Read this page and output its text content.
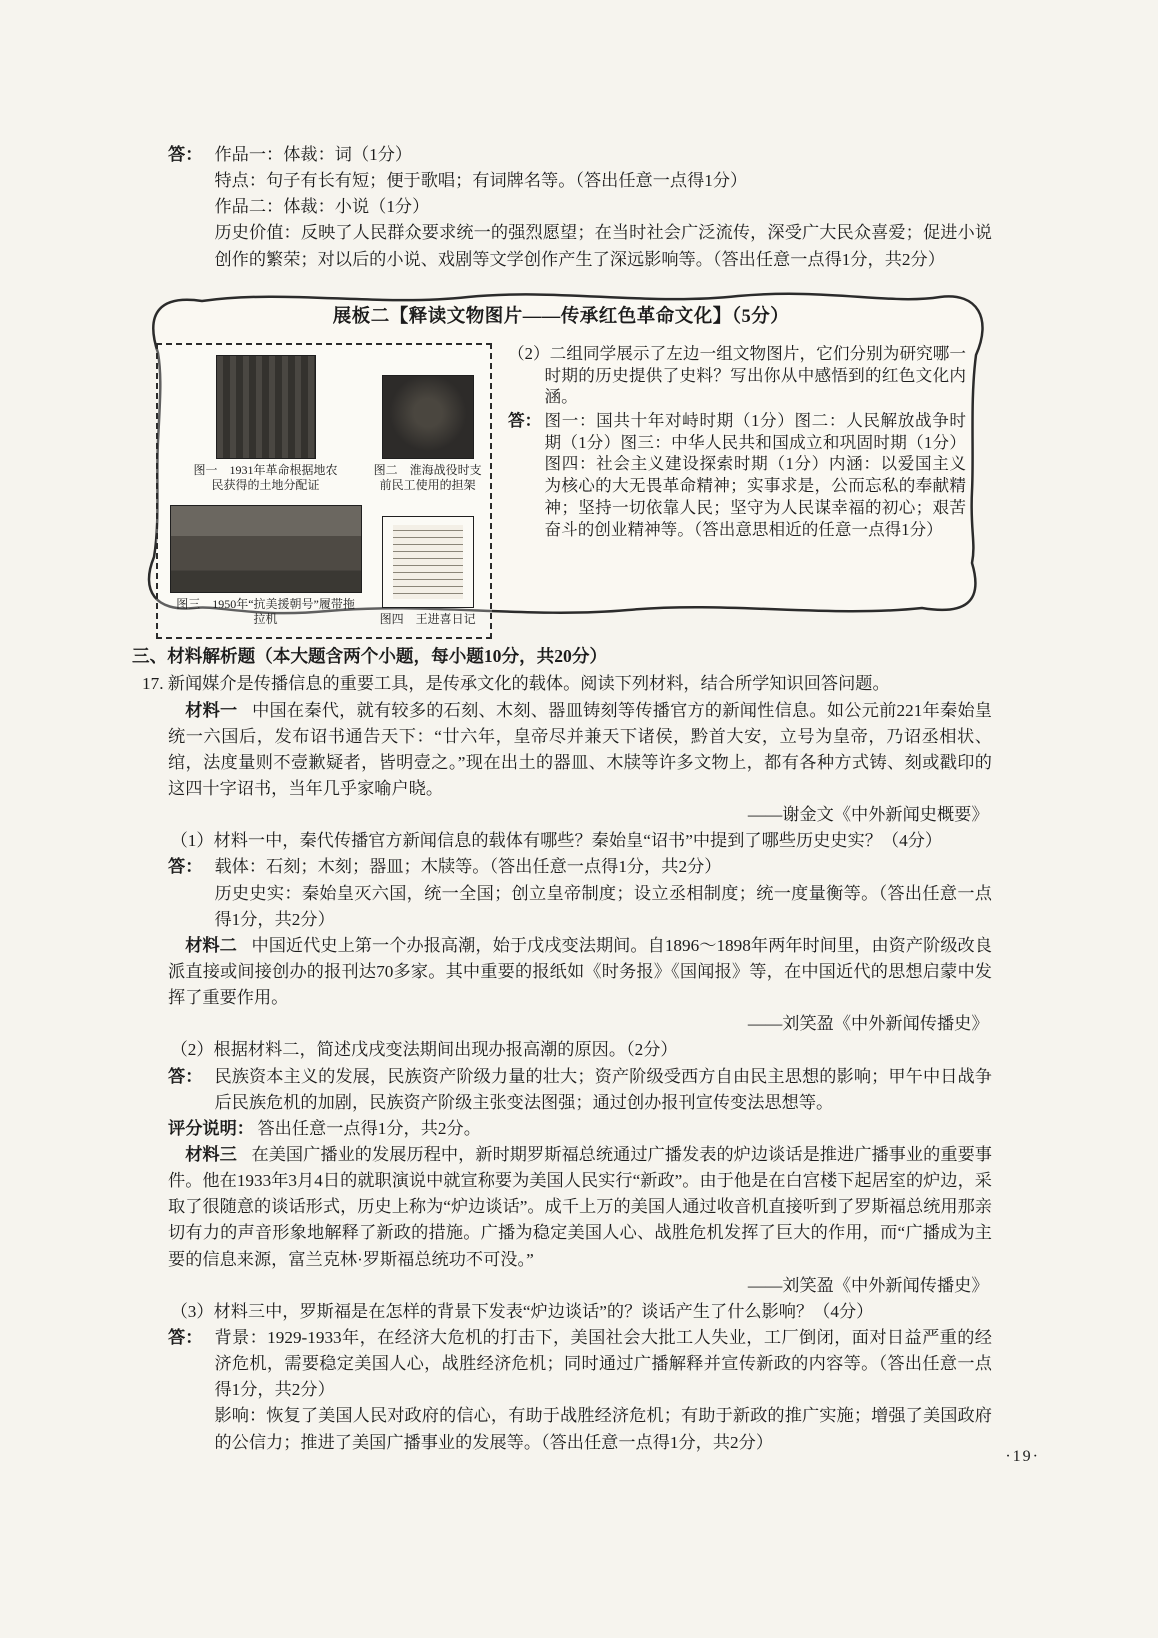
答： 作品一：体裁：词（1分）

特点：句子有长有短；便于歌唱；有词牌名等。（答出任意一点得1分）

作品二：体裁：小说（1分）

历史价值：反映了人民群众要求统一的强烈愿望；在当时社会广泛流传，深受广大民众喜爱；促进小说创作的繁荣；对以后的小说、戏剧等文学创作产生了深远影响等。（答出任意一点得1分，共2分）

展板二【释读文物图片——传承红色革命文化】（5分）
图一　1931年革命根据地农民获得的土地分配证
图二　淮海战役时支前民工使用的担架
图三　1950年“抗美援朝号”履带拖拉机	图四　王进喜日记

（2）二组同学展示了左边一组文物图片，它们分别为研究哪一时期的历史提供了史料？写出你从中感悟到的红色文化内涵。

答： 图一：国共十年对峙时期（1分）图二：人民解放战争时期（1分）图三：中华人民共和国成立和巩固时期（1分）图四：社会主义建设探索时期（1分）内涵：以爱国主义为核心的大无畏革命精神；实事求是，公而忘私的奉献精神；坚持一切依靠人民；坚守为人民谋幸福的初心；艰苦奋斗的创业精神等。（答出意思相近的任意一点得1分）

三、材料解析题（本大题含两个小题，每小题10分，共20分）

17. 新闻媒介是传播信息的重要工具，是传承文化的载体。阅读下列材料，结合所学知识回答问题。

材料一 中国在秦代，就有较多的石刻、木刻、器皿铸刻等传播官方的新闻性信息。如公元前221年秦始皇统一六国后，发布诏书通告天下：“廿六年，皇帝尽并兼天下诸侯，黔首大安，立号为皇帝，乃诏丞相状、绾，法度量则不壹歉疑者，皆明壹之。”现在出土的器皿、木牍等许多文物上，都有各种方式铸、刻或戳印的这四十字诏书，当年几乎家喻户晓。

——谢金文《中外新闻史概要》

（1）材料一中，秦代传播官方新闻信息的载体有哪些？秦始皇“诏书”中提到了哪些历史史实？（4分）

答： 载体：石刻；木刻；器皿；木牍等。（答出任意一点得1分，共2分）

历史史实：秦始皇灭六国，统一全国；创立皇帝制度；设立丞相制度；统一度量衡等。（答出任意一点得1分，共2分）

材料二 中国近代史上第一个办报高潮，始于戊戌变法期间。自1896～1898年两年时间里，由资产阶级改良派直接或间接创办的报刊达70多家。其中重要的报纸如《时务报》《国闻报》等，在中国近代的思想启蒙中发挥了重要作用。

——刘笑盈《中外新闻传播史》

（2）根据材料二，简述戊戌变法期间出现办报高潮的原因。（2分）

答： 民族资本主义的发展，民族资产阶级力量的壮大；资产阶级受西方自由民主思想的影响；甲午中日战争后民族危机的加剧，民族资产阶级主张变法图强；通过创办报刊宣传变法思想等。

评分说明： 答出任意一点得1分，共2分。

材料三 在美国广播业的发展历程中，新时期罗斯福总统通过广播发表的炉边谈话是推进广播事业的重要事件。他在1933年3月4日的就职演说中就宣称要为美国人民实行“新政”。由于他是在白宫楼下起居室的炉边，采取了很随意的谈话形式，历史上称为“炉边谈话”。成千上万的美国人通过收音机直接听到了罗斯福总统用那亲切有力的声音形象地解释了新政的措施。广播为稳定美国人心、战胜危机发挥了巨大的作用，而“广播成为主要的信息来源，富兰克林·罗斯福总统功不可没。”

——刘笑盈《中外新闻传播史》

（3）材料三中，罗斯福是在怎样的背景下发表“炉边谈话”的？谈话产生了什么影响？（4分）

答： 背景：1929-1933年，在经济大危机的打击下，美国社会大批工人失业，工厂倒闭，面对日益严重的经济危机，需要稳定美国人心，战胜经济危机；同时通过广播解释并宣传新政的内容等。（答出任意一点得1分，共2分）

影响：恢复了美国人民对政府的信心，有助于战胜经济危机；有助于新政的推广实施；增强了美国政府的公信力；推进了美国广播事业的发展等。（答出任意一点得1分，共2分）

·19·
